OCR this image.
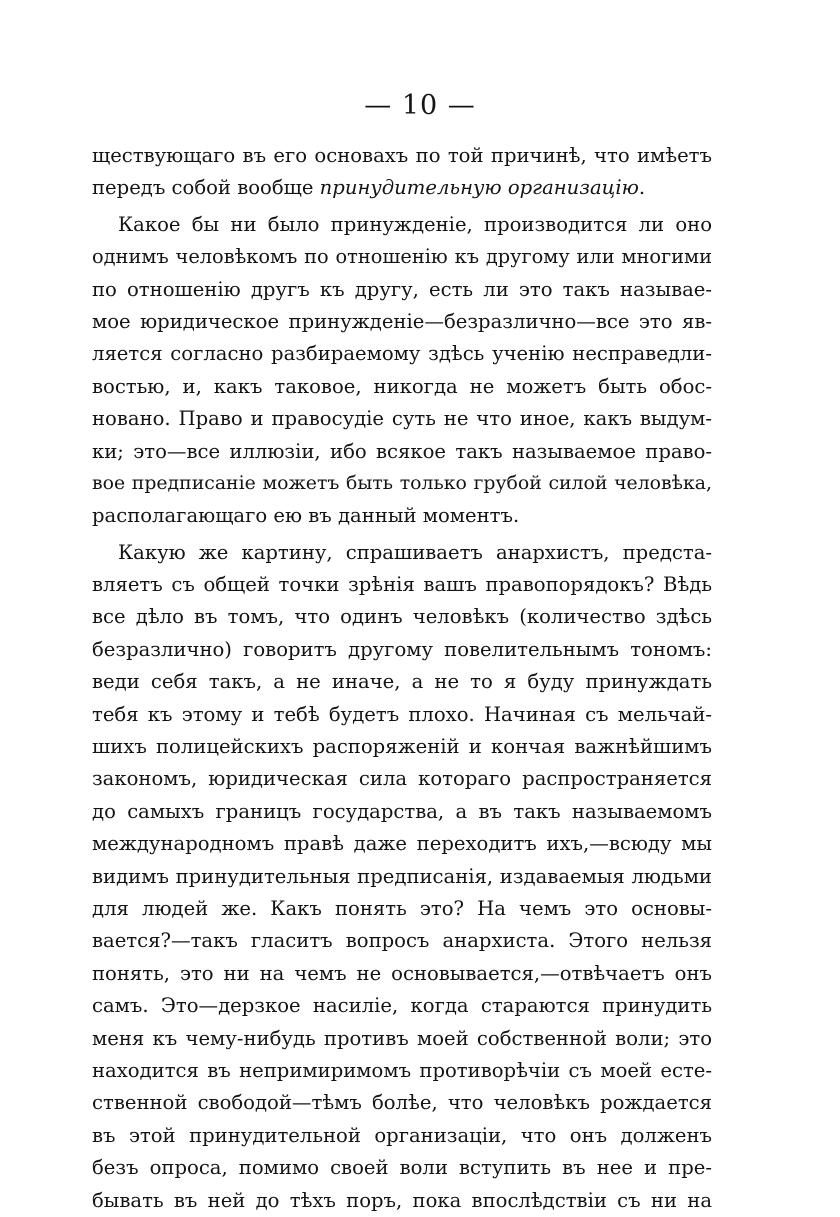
— 10 —
ществующаго въ его основахъ по той причинѣ, что имѣетъ
передъ собой вообще принудительную организацію.
Какое бы ни было принужденіе, производится ли оно
однимъ человѣкомъ по отношенію къ другому или многими
по отношенію другъ къ другу, есть ли это такъ называе-
мое юридическое принужденіе—безразлично—все это яв-
ляется согласно разбираемому здѣсь ученію несправедли-
востью, и, какъ таковое, никогда не можетъ быть обос-
новано. Право и правосудіе суть не что иное, какъ выдум-
ки; это—все иллюзіи, ибо всякое такъ называемое право-
вое предписаніе можетъ быть только грубой силой человѣка,
располагающаго ею въ данный моментъ.
Какую же картину, спрашиваетъ анархистъ, предста-
вляетъ съ общей точки зрѣнія вашъ правопорядокъ? Вѣдь
все дѣло въ томъ, что одинъ человѣкъ (количество здѣсь
безразлично) говоритъ другому повелительнымъ тономъ:
веди себя такъ, а не иначе, а не то я буду принуждать
тебя къ этому и тебѣ будетъ плохо. Начиная съ мельчай-
шихъ полицейскихъ распоряженій и кончая важнѣйшимъ
закономъ, юридическая сила котораго распространяется
до самыхъ границъ государства, а въ такъ называемомъ
международномъ правѣ даже переходитъ ихъ,—всюду мы
видимъ принудительныя предписанія, издаваемыя людьми
для людей же. Какъ понять это? На чемъ это основы-
вается?—такъ гласитъ вопросъ анархиста. Этого нельзя
понять, это ни на чемъ не основывается,—отвѣчаетъ онъ
самъ. Это—дерзкое насиліе, когда стараются принудить
меня къ чему-нибудь противъ моей собственной воли; это
находится въ непримиримомъ противорѣчіи съ моей есте-
ственной свободой—тѣмъ болѣе, что человѣкъ рождается
въ этой принудительной организаціи, что онъ долженъ
безъ опроса, помимо своей воли вступить въ нее и пре-
бывать въ ней до тѣхъ поръ, пока впослѣдствіи съ ни на
